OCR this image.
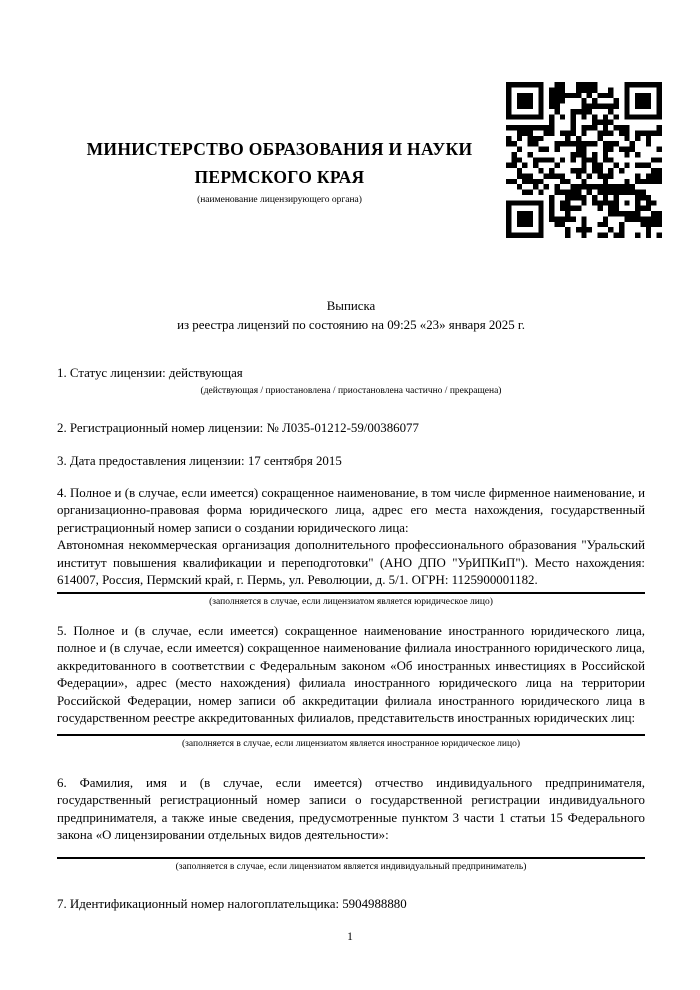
МИНИСТЕРСТВО ОБРАЗОВАНИЯ И НАУКИ
ПЕРМСКОГО КРАЯ
(наименование лицензирующего органа)
Выписка
из реестра лицензий по состоянию на 09:25 «23» января 2025 г.
1. Статус лицензии: действующая
(действующая / приостановлена / приостановлена частично / прекращена)
2. Регистрационный номер лицензии: № Л035-01212-59/00386077
3. Дата предоставления лицензии: 17 сентября 2015
4. Полное и (в случае, если имеется) сокращенное наименование, в том числе фирменное наименование, и организационно-правовая форма юридического лица, адрес его места нахождения, государственный регистрационный номер записи о создании юридического лица:
Автономная некоммерческая организация дополнительного профессионального образования "Уральский институт повышения квалификации и переподготовки" (АНО ДПО "УрИПКиП"). Место нахождения: 614007, Россия, Пермский край, г. Пермь, ул. Революции, д. 5/1. ОГРН: 1125900001182.
(заполняется в случае, если лицензиатом является юридическое лицо)
5. Полное и (в случае, если имеется) сокращенное наименование иностранного юридического лица, полное и (в случае, если имеется) сокращенное наименование филиала иностранного юридического лица, аккредитованного в соответствии с Федеральным законом «Об иностранных инвестициях в Российской Федерации», адрес (место нахождения) филиала иностранного юридического лица на территории Российской Федерации, номер записи об аккредитации филиала иностранного юридического лица в государственном реестре аккредитованных филиалов, представительств иностранных юридических лиц:
(заполняется в случае, если лицензиатом является иностранное юридическое лицо)
6. Фамилия, имя и (в случае, если имеется) отчество индивидуального предпринимателя, государственный регистрационный номер записи о государственной регистрации индивидуального предпринимателя, а также иные сведения, предусмотренные пунктом 3 части 1 статьи 15 Федерального закона «О лицензировании отдельных видов деятельности»:
(заполняется в случае, если лицензиатом является индивидуальный предприниматель)
7. Идентификационный номер налогоплательщика: 5904988880
1
